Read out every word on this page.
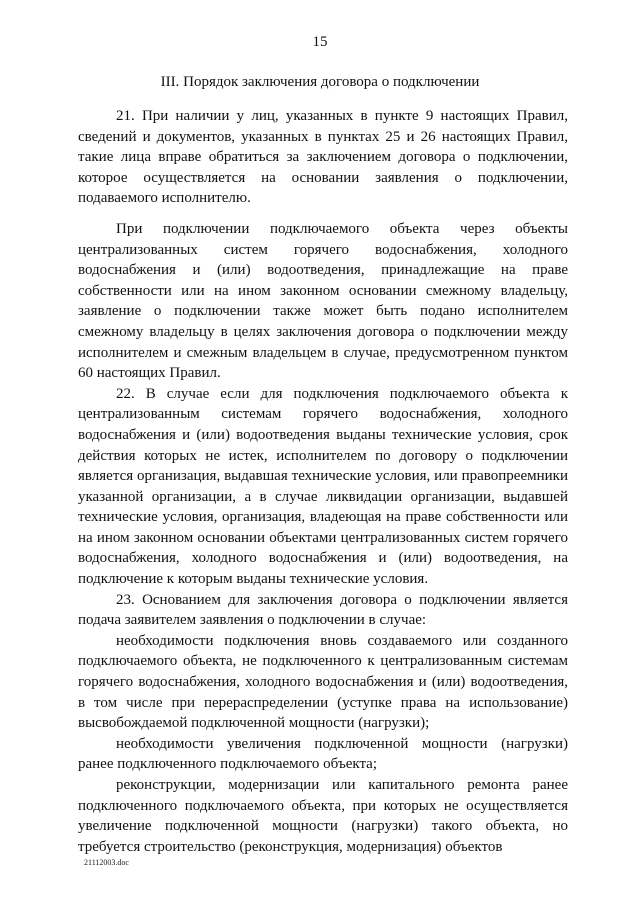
15
III. Порядок заключения договора о подключении

21. При наличии у лиц, указанных в пункте 9 настоящих Правил, сведений и документов, указанных в пунктах 25 и 26 настоящих Правил, такие лица вправе обратиться за заключением договора о подключении, которое осуществляется на основании заявления о подключении, подаваемого исполнителю.

При подключении подключаемого объекта через объекты централизованных систем горячего водоснабжения, холодного водоснабжения и (или) водоотведения, принадлежащие на праве собственности или на ином законном основании смежному владельцу, заявление о подключении также может быть подано исполнителем смежному владельцу в целях заключения договора о подключении между исполнителем и смежным владельцем в случае, предусмотренном пунктом 60 настоящих Правил.

22. В случае если для подключения подключаемого объекта к централизованным системам горячего водоснабжения, холодного водоснабжения и (или) водоотведения выданы технические условия, срок действия которых не истек, исполнителем по договору о подключении является организация, выдавшая технические условия, или правопреемники указанной организации, а в случае ликвидации организации, выдавшей технические условия, организация, владеющая на праве собственности или на ином законном основании объектами централизованных систем горячего водоснабжения, холодного водоснабжения и (или) водоотведения, на подключение к которым выданы технические условия.

23. Основанием для заключения договора о подключении является подача заявителем заявления о подключении в случае:

необходимости подключения вновь создаваемого или созданного подключаемого объекта, не подключенного к централизованным системам горячего водоснабжения, холодного водоснабжения и (или) водоотведения, в том числе при перераспределении (уступке права на использование) высвобождаемой подключенной мощности (нагрузки);

необходимости увеличения подключенной мощности (нагрузки) ранее подключенного подключаемого объекта;

реконструкции, модернизации или капитального ремонта ранее подключенного подключаемого объекта, при которых не осуществляется увеличение подключенной мощности (нагрузки) такого объекта, но требуется строительство (реконструкция, модернизация) объектов

21112003.doc
